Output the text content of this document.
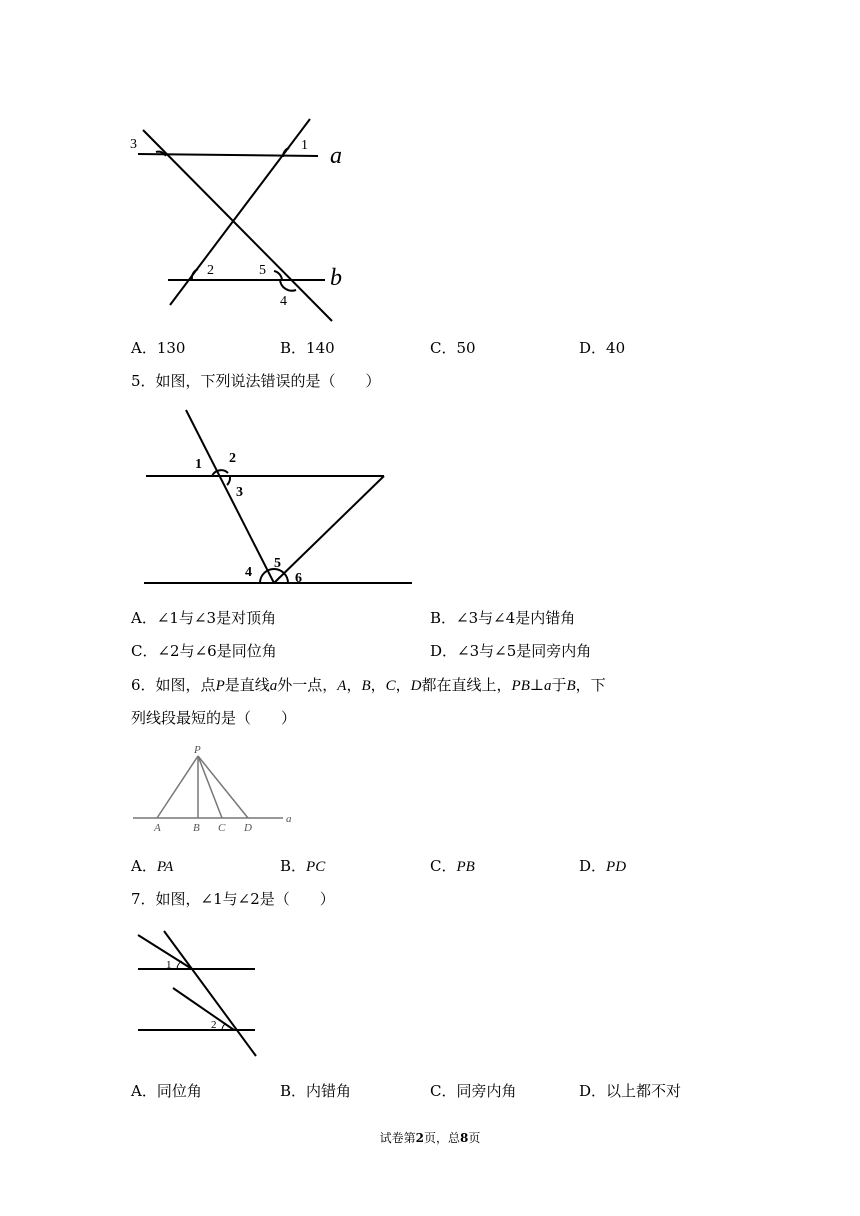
3	1 a
2	5	b
4
A．130	B．140	C．50	D．40
5．如图，下列说法错误的是（　　）
1 2
3
4
5
6
A．∠1与∠3是对顶角	B．∠3与∠4是内错角
C．∠2与∠6是同位角	D．∠3与∠5是同旁内角
6．如图，点P是直线a外一点，A，B，C，D都在直线上，PB⊥a于B，下
列线段最短的是（　　）
P
A	B C D
a
A．PA	B．PC	C．PB	D．PD
7．如图，∠1与∠2是（　　）
1
2
A．同位角	B．内错角	C．同旁内角	D．以上都不对
试卷第2页，总8页
